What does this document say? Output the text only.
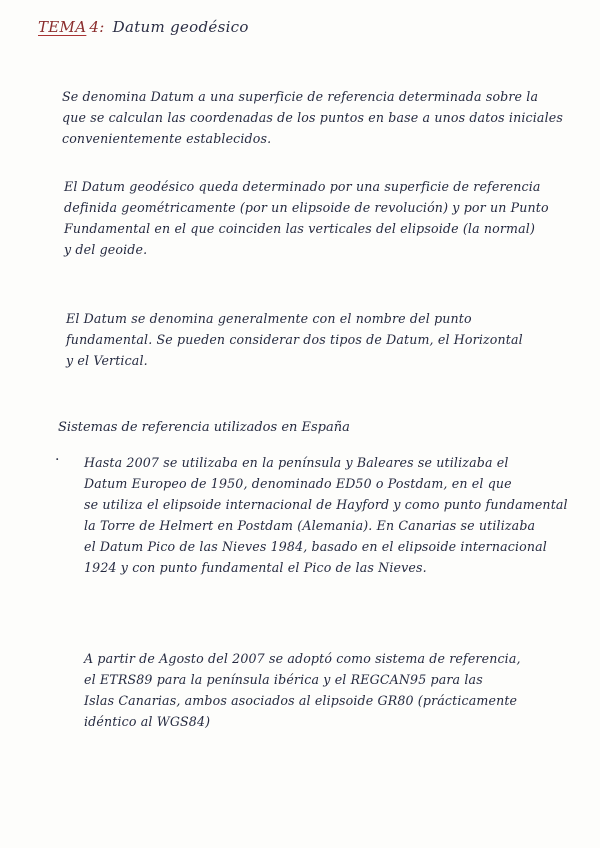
TEMA 4: Datum geodésico
Se denomina Datum a una superficie de referencia determinada sobre la
que se calculan las coordenadas de los puntos en base a unos datos iniciales
convenientemente establecidos.
El Datum geodésico queda determinado por una superficie de referencia
definida geométricamente (por un elipsoide de revolución) y por un Punto
Fundamental en el que coinciden las verticales del elipsoide (la normal)
y del geoide.
El Datum se denomina generalmente con el nombre del punto
fundamental. Se pueden considerar dos tipos de Datum, el Horizontal
y el Vertical.
Sistemas de referencia utilizados en España
· Hasta 2007 se utilizaba en la península y Baleares se utilizaba el
Datum Europeo de 1950, denominado ED50 o Postdam, en el que
se utiliza el elipsoide internacional de Hayford y como punto fundamental
la Torre de Helmert en Postdam (Alemania). En Canarias se utilizaba
el Datum Pico de las Nieves 1984, basado en el elipsoide internacional
1924 y con punto fundamental el Pico de las Nieves.
A partir de Agosto del 2007 se adoptó como sistema de referencia,
el ETRS89 para la península ibérica y el REGCAN95 para las
Islas Canarias, ambos asociados al elipsoide GR80 (prácticamente
idéntico al WGS84)
